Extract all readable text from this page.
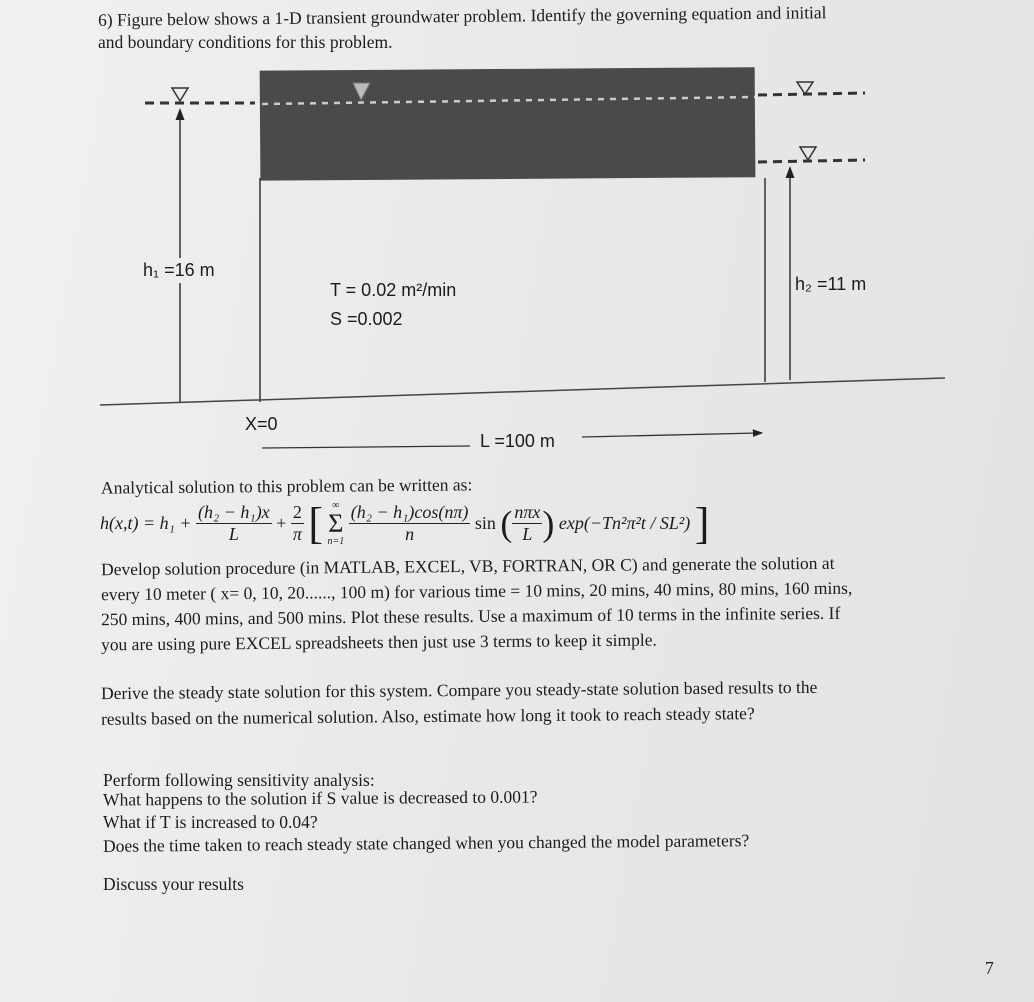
6) Figure below shows a 1-D transient groundwater problem. Identify the governing equation and initial
and boundary conditions for this problem.
h₁ =16 m
h₂ =11 m
T = 0.02 m²/min
S =0.002
X=0
L =100 m
Analytical solution to this problem can be written as:
$h(x,t) = h_1 + \frac{\text{(h₂ − h₁)x}}{L} + \frac{2}{\pi}$ [ ∞
Σ
n=1
$\frac{\text{(h₂ − h₁)cos(nπ)}}{n}$ sin ( $\frac{\text{nπx}}{L}$ ) exp(−Tn²π²t / SL²) ]
Develop solution procedure (in MATLAB, EXCEL, VB, FORTRAN, OR C) and generate the solution at
every 10 meter ( x= 0, 10, 20......, 100 m) for various time = 10 mins, 20 mins, 40 mins, 80 mins, 160 mins,
250 mins, 400 mins, and 500 mins. Plot these results. Use a maximum of 10 terms in the infinite series. If
you are using pure EXCEL spreadsheets then just use 3 terms to keep it simple.
Derive the steady state solution for this system. Compare you steady-state solution based results to the
results based on the numerical solution. Also, estimate how long it took to reach steady state?
Perform following sensitivity analysis:
What happens to the solution if S value is decreased to 0.001?
What if T is increased to 0.04?
Does the time taken to reach steady state changed when you changed the model parameters?
Discuss your results
7
